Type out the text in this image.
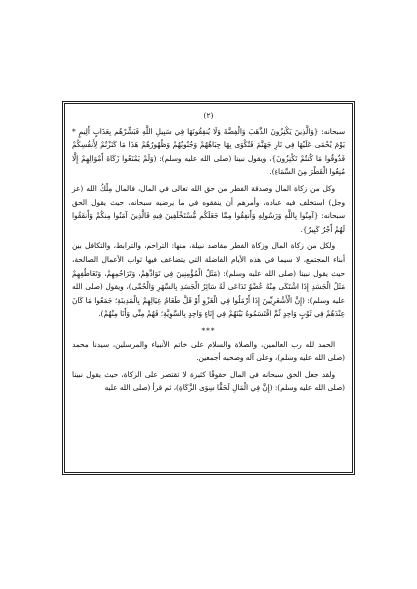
(٢)

سبحانه: {وَالَّذِينَ يَكْنِزُونَ الذَّهَبَ وَالْفِضَّةَ وَلَا يُنفِقُونَهَا فِي سَبِيلِ اللَّهِ فَبَشِّرْهُم بِعَذَابٍ أَلِيمٍ * يَوْمَ يُحْمَى عَلَيْهَا فِي نَارِ جَهَنَّمَ فَتُكْوَى بِهَا جِبَاهُهُمْ وَجُنُوبُهُمْ وَظُهُورُهُمْ هَذَا مَا كَنَزْتُمْ لِأَنفُسِكُمْ فَذُوقُوا مَا كُنتُمْ تَكْنِزُونَ}، ويقول نبينا (صلى الله عليه وسلم): (وَلَمْ يَمْنَعُوا زَكَاةَ أَمْوَالِهِمْ إِلَّا مُنِعُوا الْقَطْرَ مِنَ السَّمَاءِ).

وكل من زكاة المال وصدقة الفطر من حق الله تعالى في المال، فالمال مِلْكُ الله (عز وجل) استخلف فيه عباده، وأمرهم أن ينفقوه في ما يرضيه سبحانه، حيث يقول الحق سبحانه: {آمِنُوا بِاللَّهِ وَرَسُولِهِ وَأَنفِقُوا مِمَّا جَعَلَكُم مُّسْتَخْلَفِينَ فِيهِ فَالَّذِينَ آمَنُوا مِنكُمْ وَأَنفَقُوا لَهُمْ أَجْرٌ كَبِيرٌ}.

ولكل من زكاة المال وزكاة الفطر مقاصد نبيلة، منها: التراحم، والترابط، والتكافل بين أبناء المجتمع، لا سيما في هذه الأيام الفاضلة التي يتضاعف فيها ثواب الأعمال الصالحة، حيث يقول نبينا (صلى الله عليه وسلم): (مَثَلُ الْمُؤْمِنِينَ فِي تَوَادِّهِمْ، وَتَرَاحُمِهِمْ، وَتَعَاطُفِهِمْ مَثَلُ الْجَسَدِ إِذَا اشْتَكَى مِنْهُ عُضْوٌ تَدَاعَى لَهُ سَائِرُ الْجَسَدِ بِالسَّهَرِ وَالْحُمَّى)، ويقول (صلى الله عليه وسلم): (إِنَّ الْأَشْعَرِيِّينَ إِذَا أَرْمَلُوا فِي الْغَزْوِ أَوْ قَلَّ طَعَامُ عِيَالِهِمْ بِالْمَدِينَةِ؛ جَمَعُوا مَا كَانَ عِنْدَهُمْ فِي ثَوْبٍ وَاحِدٍ ثُمَّ اقْتَسَمُوهُ بَيْنَهُمْ فِي إِنَاءٍ وَاحِدٍ بِالسَّوِيَّةِ؛ فَهُمْ مِنِّي وَأَنَا مِنْهُمْ).

***

الحمد لله رب العالمين، والصلاة والسلام على خاتم الأنبياء والمرسلين، سيدنا محمد (صلى الله عليه وسلم)، وعلى آله وصحبه أجمعين.

ولقد جعل الحق سبحانه في المال حقوقًا كثيرة لا تقتصر على الزكاة، حيث يقول نبينا (صلى الله عليه وسلم): (إِنَّ فِي الْمَالِ لَحَقًّا سِوَى الزَّكَاةِ)، ثم قرأ (صلى الله عليه
